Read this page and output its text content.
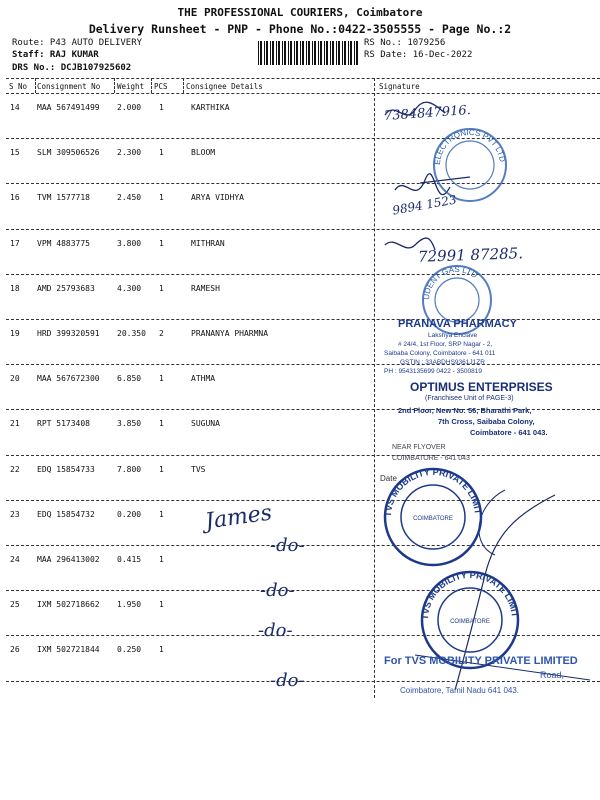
THE PROFESSIONAL COURIERS, Coimbatore
Delivery Runsheet - PNP - Phone No.:0422-3505555 - Page No.:2
Route: P43 AUTO DELIVERY
Staff: RAJ KUMAR
DRS No.: DCJB107925602
RS No.: 1079256
RS Date: 16-Dec-2022
S No Consignment No Weight PCS Consignee Details	Signature
14 MAA 567491499 2.000 1	KARTHIKA
15 SLM 309506526 2.300 1	BLOOM
16 TVM 1577718	2.450 1	ARYA VIDHYA
17 VPM 4883775	3.800 1	MITHRAN
18 AMD 25793683	4.300 1	RAMESH
19 HRD 399320591 20.350 2	PRANANYA PHARMNA
20 MAA 567672300 6.850 1	ATHMA
21 RPT 5173408	3.850 1	SUGUNA
22 EDQ 15854733	7.800 1	TVS
23 EDQ 15854732	0.200 1
24 MAA 296413002 0.415 1
25 IXM 502718662 1.950 1
26 IXM 502721844 0.250 1
7384847916.
72991 87285.
9894 1523
James
-do-
-do-
-do-
-do-
ELECTRONICS PVT LTD
UDENT GAS LTD
TVS MOBILITY PRIVATE LIMITED
COIMBATORE
TVS MOBILITY PRIVATE LIMITED
COIMBATORE
PRANAVA PHARMACY
Lakshya Enclave
# 24/4, 1st Floor, SRP Nagar - 2,
Saibaba Colony, Coimbatore - 641 011
GSTIN : 33ABDHS9361J1ZR
PH : 9543135699 0422 - 3500819
OPTIMUS ENTERPRISES
(Franchisee Unit of PAGE-3)
2nd Floor, New No: 56, Bharathi Park,
7th Cross, Saibaba Colony,
Coimbatore - 641 043.
NEAR FLYOVER
COIMBATORE - 641 043
Date
For TVS MOBILITY PRIVATE LIMITED
Road,
Coimbatore, Tamil Nadu 641 043.
